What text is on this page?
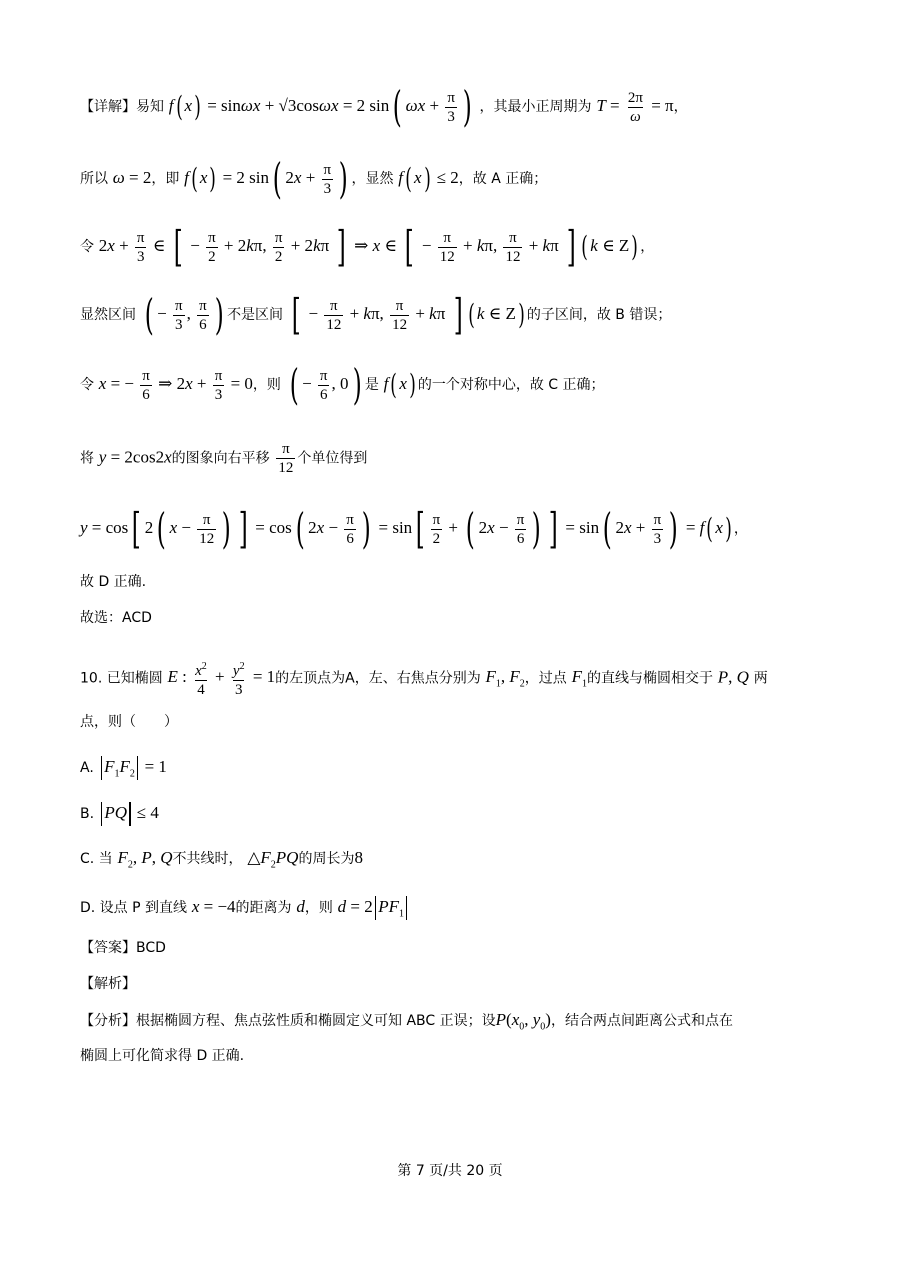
【详解】易知 f( x) = sinωx + √3cosωx = 2 sin( $\omega x + \frac{\pi}{3}$ ) ，其最小正周期为 $T = \frac{2\pi}{\omega} = \pi$，
所以 ω = 2，即 f( x) = 2 sin( $2x + \frac{\pi}{3}$ ) ，显然 f( x) ≤ 2，故 A 正确；
令 $2x + \frac{\pi}{3}$ ∈ [ − $\frac{\pi}{2} + 2k\pi$, $\frac{\pi}{2} + 2k\pi$ ] ⇒ x ∈ [ − $\frac{\pi}{12} + k\pi$, $\frac{\pi}{12} + k\pi$ ] ( k ∈ Z) ，
显然区间 ( − $\frac{\pi}{3}$ , $\frac{\pi}{6}$ ) 不是区间 [ − $\frac{\pi}{12} + k\pi$, $\frac{\pi}{12} + k\pi$ ] ( k ∈ Z) 的子区间，故 B 错误；
令 x = − $\frac{\pi}{6}$ ⇒ $2x + \frac{\pi}{3} = 0$，则 ( − $\frac{\pi}{6}$ , 0) 是 f( x) 的一个对称中心，故 C 正确；
将 y = 2cos2x的图象向右平移 $\frac{\pi}{12}$ 个单位得到
y = cos[ 2( $x - \frac{\pi}{12}$ ) ] = cos( $2x - \frac{\pi}{6}$ ) = $\sin[ \frac{\pi}{2}$ + ( $2x - \frac{\pi}{6}$ ) ] = sin( $2x + \frac{\pi}{3}$ ) = f( x) ，
故 D 正确.
故选：ACD
10. 已知椭圆 E : $\frac{x^2}{4} + \frac{y^2}{3} = 1$的左顶点为A，左、右焦点分别为 $F_1$, $F_2$，过点 $F_1$的直线与椭圆相交于 P, Q 两
点，则（　　）
A. $F_1F_2 = 1$
B. PQ ≤ 4
C. 当 $F_2$, P, Q不共线时， $\triangle F_2PQ$的周长为8
D. 设点 P 到直线 x = −4的距离为 d，则 d = 2 $PF_1$
【答案】BCD
【解析】
【分析】根据椭圆方程、焦点弦性质和椭圆定义可知 ABC 正误；设$P(x_0$, $y_0$)，结合两点间距离公式和点在
椭圆上可化简求得 D 正确.
第 7 页/共 20 页
